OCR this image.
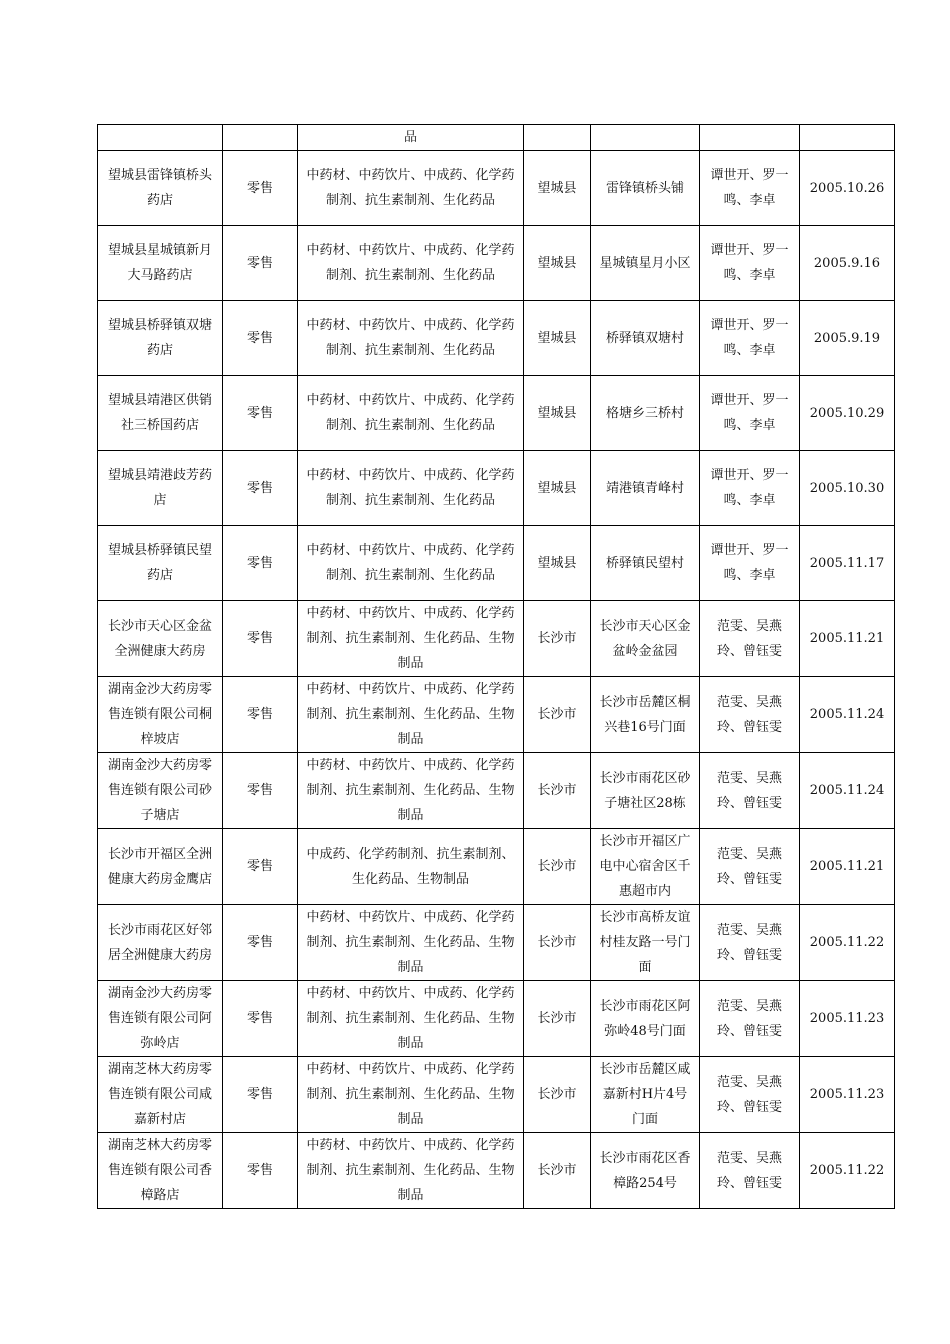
		品				
望城县雷锋镇桥头药店	零售	中药材、中药饮片、中成药、化学药制剂、抗生素制剂、生化药品	望城县	雷锋镇桥头铺	谭世开、罗一鸣、李卓	2005.10.26
望城县星城镇新月大马路药店	零售	中药材、中药饮片、中成药、化学药制剂、抗生素制剂、生化药品	望城县	星城镇星月小区	谭世开、罗一鸣、李卓	2005.9.16
望城县桥驿镇双塘药店	零售	中药材、中药饮片、中成药、化学药制剂、抗生素制剂、生化药品	望城县	桥驿镇双塘村	谭世开、罗一鸣、李卓	2005.9.19
望城县靖港区供销社三桥国药店	零售	中药材、中药饮片、中成药、化学药制剂、抗生素制剂、生化药品	望城县	格塘乡三桥村	谭世开、罗一鸣、李卓	2005.10.29
望城县靖港歧芳药店	零售	中药材、中药饮片、中成药、化学药制剂、抗生素制剂、生化药品	望城县	靖港镇青峰村	谭世开、罗一鸣、李卓	2005.10.30
望城县桥驿镇民望药店	零售	中药材、中药饮片、中成药、化学药制剂、抗生素制剂、生化药品	望城县	桥驿镇民望村	谭世开、罗一鸣、李卓	2005.11.17
长沙市天心区金盆全洲健康大药房	零售	中药材、中药饮片、中成药、化学药制剂、抗生素制剂、生化药品、生物制品	长沙市	长沙市天心区金盆岭金盆园	范雯、吴燕玲、曾钰雯	2005.11.21
湖南金沙大药房零售连锁有限公司桐梓坡店	零售	中药材、中药饮片、中成药、化学药制剂、抗生素制剂、生化药品、生物制品	长沙市	长沙市岳麓区桐兴巷16号门面	范雯、吴燕玲、曾钰雯	2005.11.24
湖南金沙大药房零售连锁有限公司砂子塘店	零售	中药材、中药饮片、中成药、化学药制剂、抗生素制剂、生化药品、生物制品	长沙市	长沙市雨花区砂子塘社区28栋	范雯、吴燕玲、曾钰雯	2005.11.24
长沙市开福区全洲健康大药房金鹰店	零售	中成药、化学药制剂、抗生素制剂、生化药品、生物制品	长沙市	长沙市开福区广电中心宿舍区千惠超市内	范雯、吴燕玲、曾钰雯	2005.11.21
长沙市雨花区好邻居全洲健康大药房	零售	中药材、中药饮片、中成药、化学药制剂、抗生素制剂、生化药品、生物制品	长沙市	长沙市高桥友谊村桂友路一号门面	范雯、吴燕玲、曾钰雯	2005.11.22
湖南金沙大药房零售连锁有限公司阿弥岭店	零售	中药材、中药饮片、中成药、化学药制剂、抗生素制剂、生化药品、生物制品	长沙市	长沙市雨花区阿弥岭48号门面	范雯、吴燕玲、曾钰雯	2005.11.23
湖南芝林大药房零售连锁有限公司咸嘉新村店	零售	中药材、中药饮片、中成药、化学药制剂、抗生素制剂、生化药品、生物制品	长沙市	长沙市岳麓区咸嘉新村H片4号门面	范雯、吴燕玲、曾钰雯	2005.11.23
湖南芝林大药房零售连锁有限公司香樟路店	零售	中药材、中药饮片、中成药、化学药制剂、抗生素制剂、生化药品、生物制品	长沙市	长沙市雨花区香樟路254号	范雯、吴燕玲、曾钰雯	2005.11.22
